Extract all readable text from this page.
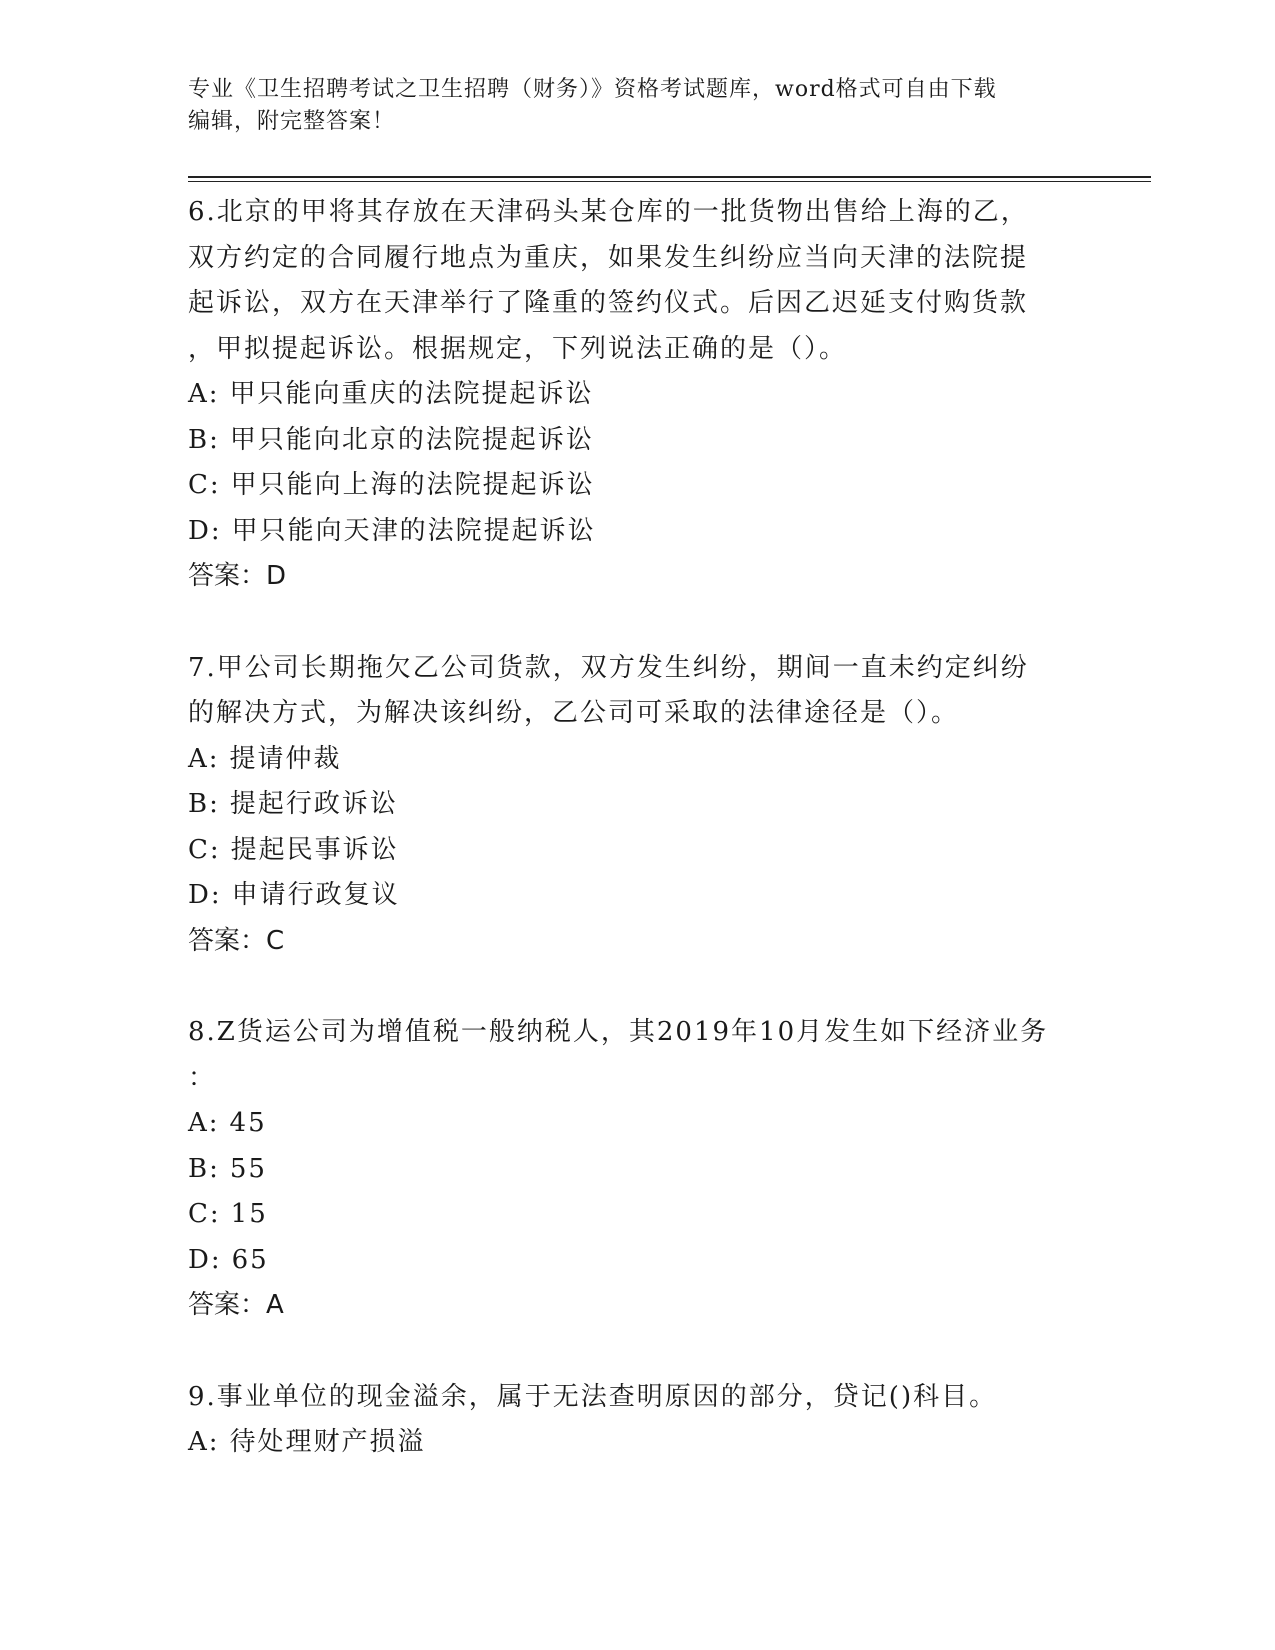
专业《卫生招聘考试之卫生招聘（财务）》资格考试题库，word格式可自由下载
编辑，附完整答案！
6.北京的甲将其存放在天津码头某仓库的一批货物出售给上海的乙，
双方约定的合同履行地点为重庆，如果发生纠纷应当向天津的法院提
起诉讼，双方在天津举行了隆重的签约仪式。后因乙迟延支付购货款
，甲拟提起诉讼。根据规定，下列说法正确的是（）。
A: 甲只能向重庆的法院提起诉讼
B: 甲只能向北京的法院提起诉讼
C: 甲只能向上海的法院提起诉讼
D: 甲只能向天津的法院提起诉讼
答案：D
7.甲公司长期拖欠乙公司货款，双方发生纠纷，期间一直未约定纠纷
的解决方式，为解决该纠纷，乙公司可采取的法律途径是（）。
A: 提请仲裁
B: 提起行政诉讼
C: 提起民事诉讼
D: 申请行政复议
答案：C
8.Z货运公司为增值税一般纳税人，其2019年10月发生如下经济业务
：
A: 45
B: 55
C: 15
D: 65
答案：A
9.事业单位的现金溢余，属于无法查明原因的部分，贷记()科目。
A: 待处理财产损溢
